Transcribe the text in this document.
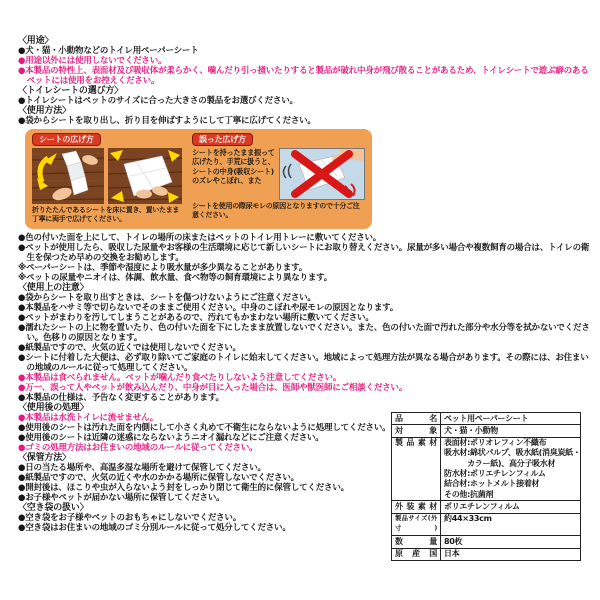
〈用途〉
●犬・猫・小動物などのトイレ用ペーパーシート
●用途以外には使用しないでください。
●本製品の特性上、表面材及び吸収体が柔らかく、噛んだり引っ掻いたりすると製品が破れ中身が飛び散ることがあるため、トイレシートで遊ぶ癖のあるペットには使用をお控えください。
〈トイレシートの選び方〉
●トイレシートはペットのサイズに合った大きさの製品をお選びください。
〈使用方法〉
●袋からシートを取り出し、折り目を伸ばすようにして丁寧に広げてください。
シートの広げ方
折りたたんであるシートを床に置き、置いたまま丁寧に両手で広げてください。
誤った広げ方
シートを持ったまま振って広げたり、手荒に扱うと、シートの中身(吸収シート)のズレやこぼれ、また
シートを使用の際尿モレの原因となりますので十分ご注意ください。
●色の付いた面を上にして、トイレの場所の床またはペットのトイレ用トレーに敷いてください。
●ペットが使用したら、吸収した尿量やお客様の生活環境に応じて新しいシートにお取り替えください。尿量が多い場合や複数飼育の場合は、トイレの衛生を保つため早めの交換をお勧めします。
※ペーパーシートは、季節や湿度により吸水量が多少異なることがあります。
※ペットの尿量やニオイは、体調、飲水量、食べ物等の飼育環境により異なります。
〈使用上の注意〉
●袋からシートを取り出すときは、シートを傷つけないようにご注意ください。
●本製品をハサミ等で切らないでそのままご使用ください。中身のこぼれや尿モレの原因となります。
●ペットがまわりを汚してしまうことがあるので、汚れてもかまわない場所に敷いてください。
●濡れたシートの上に物を置いたり、色の付いた面を下にしたまま放置しないでください。また、色の付いた面で汚れた部分や水分等を拭かないでください。色移りの原因となります。
●紙製品ですので、火気の近くでは使用しないでください。
●シートに付着した大便は、必ず取り除いてご家庭のトイレに始末してください。地域によって処理方法が異なる場合があります。その際には、お住まいの地域のルールに従って処理してください。
●本製品は食べられません。ペットが噛んだり食べたりしないよう注意してください。
●万一、誤って人やペットが飲み込んだり、中身が目に入った場合は、医師や獣医師にご相談ください。
●本製品の仕様は、予告なく変更することがあります。
〈使用後の処理〉
●本製品は水洗トイレに流せません。
●使用後のシートは汚れた面を内側にして小さく丸めて不衛生にならないように処理してください。
●使用後のシートは近隣の迷惑にならないようニオイ漏れなどにご注意ください。
●ゴミの処理方法はお住まいの地域のルールに従ってください。
〈保管方法〉
●日の当たる場所や、高温多湿な場所を避けて保管してください。
●紙製品ですので、火気の近くや水のかかる場所に保管しないでください。
●開封後は、ほこりや虫が入らないよう封をしっかり閉じて衛生的に保管してください。
●お子様やペットが届かない場所に保管してください。
〈空き袋の扱い〉
●空き袋をお子様やペットのおもちゃにしないでください。
●空き袋はお住まいの地域のゴミ分別ルールに従って処分してください。
品名	ペット用ペーパーシート

対象	犬・猫・小動物

製品素材	表面材:ポリオレフィン不織布
吸水材:綿状パルプ、吸水紙(消臭炭紙・
　　　カラー紙)、高分子吸水材
防水材:ポリエチレンフィルム
結合材:ホットメルト接着材
その他:抗菌剤

外装素材	ポリエチレンフィルム

製品サイズ(外寸)	約44×33cm

数量	80枚

原産国	日本
